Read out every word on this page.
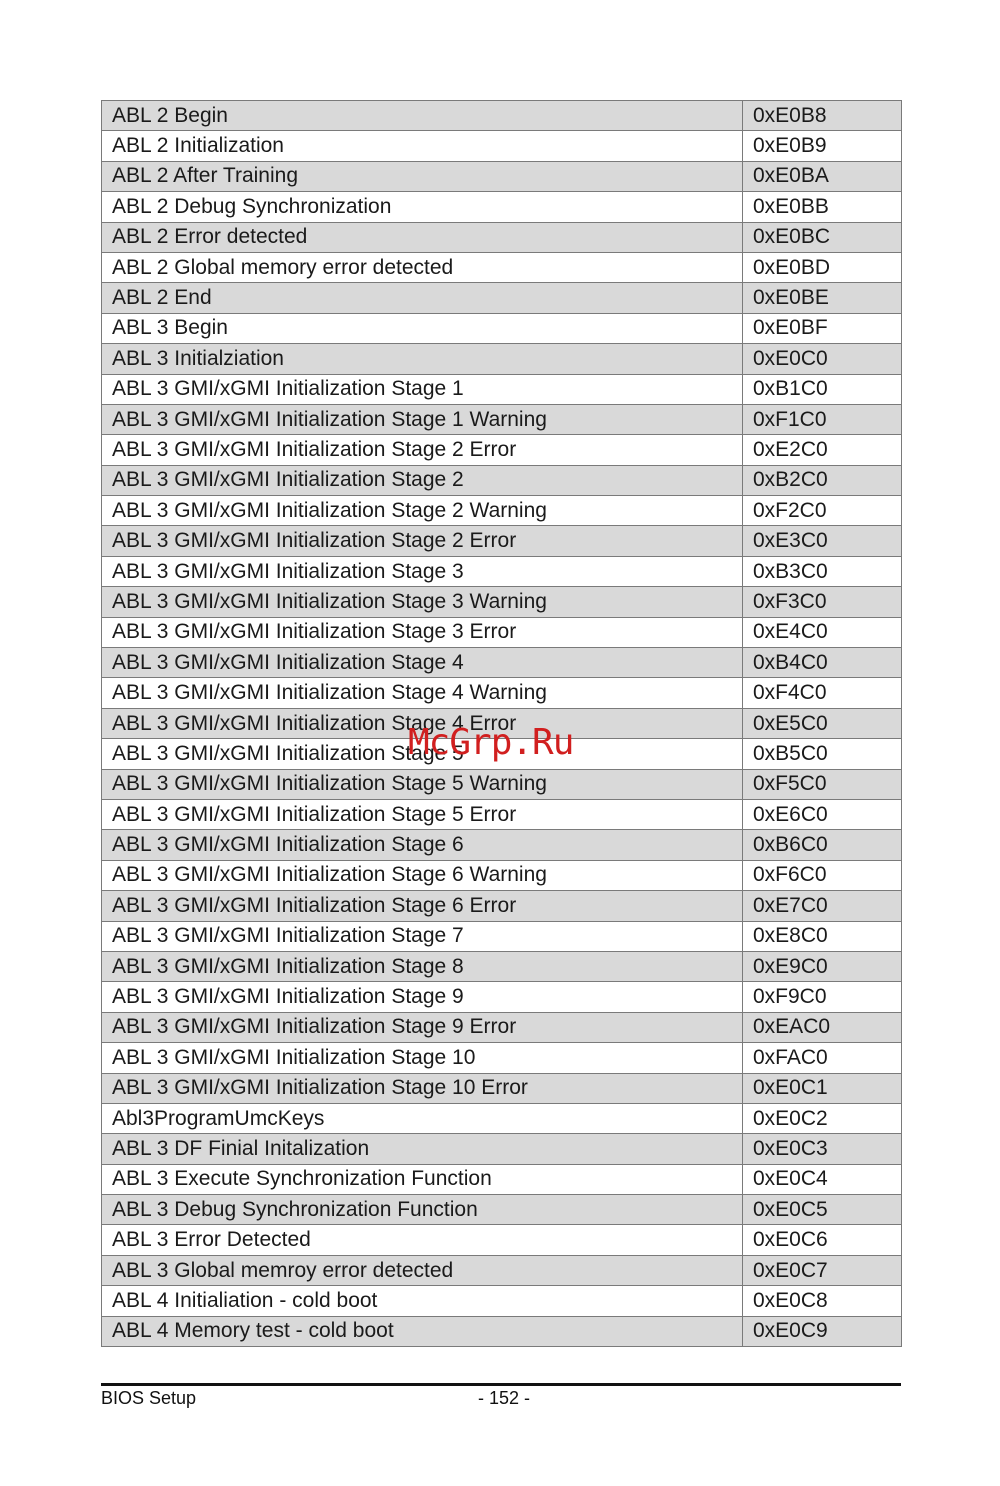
ABL 2 Begin	0xE0B8
ABL 2 Initialization	0xE0B9
ABL 2 After Training	0xE0BA
ABL 2 Debug Synchronization	0xE0BB
ABL 2 Error detected	0xE0BC
ABL 2 Global memory error detected	0xE0BD
ABL 2 End	0xE0BE
ABL 3 Begin	0xE0BF
ABL 3 Initialziation	0xE0C0
ABL 3 GMI/xGMI Initialization Stage 1	0xB1C0
ABL 3 GMI/xGMI Initialization Stage 1 Warning	0xF1C0
ABL 3 GMI/xGMI Initialization Stage 2 Error	0xE2C0
ABL 3 GMI/xGMI Initialization Stage 2	0xB2C0
ABL 3 GMI/xGMI Initialization Stage 2 Warning	0xF2C0
ABL 3 GMI/xGMI Initialization Stage 2 Error	0xE3C0
ABL 3 GMI/xGMI Initialization Stage 3	0xB3C0
ABL 3 GMI/xGMI Initialization Stage 3 Warning	0xF3C0
ABL 3 GMI/xGMI Initialization Stage 3 Error	0xE4C0
ABL 3 GMI/xGMI Initialization Stage 4	0xB4C0
ABL 3 GMI/xGMI Initialization Stage 4 Warning	0xF4C0
ABL 3 GMI/xGMI Initialization Stage 4 Error	0xE5C0
ABL 3 GMI/xGMI Initialization Stage 5	0xB5C0
ABL 3 GMI/xGMI Initialization Stage 5 Warning	0xF5C0
ABL 3 GMI/xGMI Initialization Stage 5 Error	0xE6C0
ABL 3 GMI/xGMI Initialization Stage 6	0xB6C0
ABL 3 GMI/xGMI Initialization Stage 6 Warning	0xF6C0
ABL 3 GMI/xGMI Initialization Stage 6 Error	0xE7C0
ABL 3 GMI/xGMI Initialization Stage 7	0xE8C0
ABL 3 GMI/xGMI Initialization Stage 8	0xE9C0
ABL 3 GMI/xGMI Initialization Stage 9	0xF9C0
ABL 3 GMI/xGMI Initialization Stage 9 Error	0xEAC0
ABL 3 GMI/xGMI Initialization Stage 10	0xFAC0
ABL 3 GMI/xGMI Initialization Stage 10 Error	0xE0C1
Abl3ProgramUmcKeys	0xE0C2
ABL 3 DF Finial Initalization	0xE0C3
ABL 3 Execute Synchronization Function	0xE0C4
ABL 3 Debug Synchronization Function	0xE0C5
ABL 3 Error Detected	0xE0C6
ABL 3 Global memroy error detected	0xE0C7
ABL 4 Initialiation - cold boot	0xE0C8
ABL 4 Memory test - cold boot	0xE0C9
McGrp.Ru
BIOS Setup	- 152 -
